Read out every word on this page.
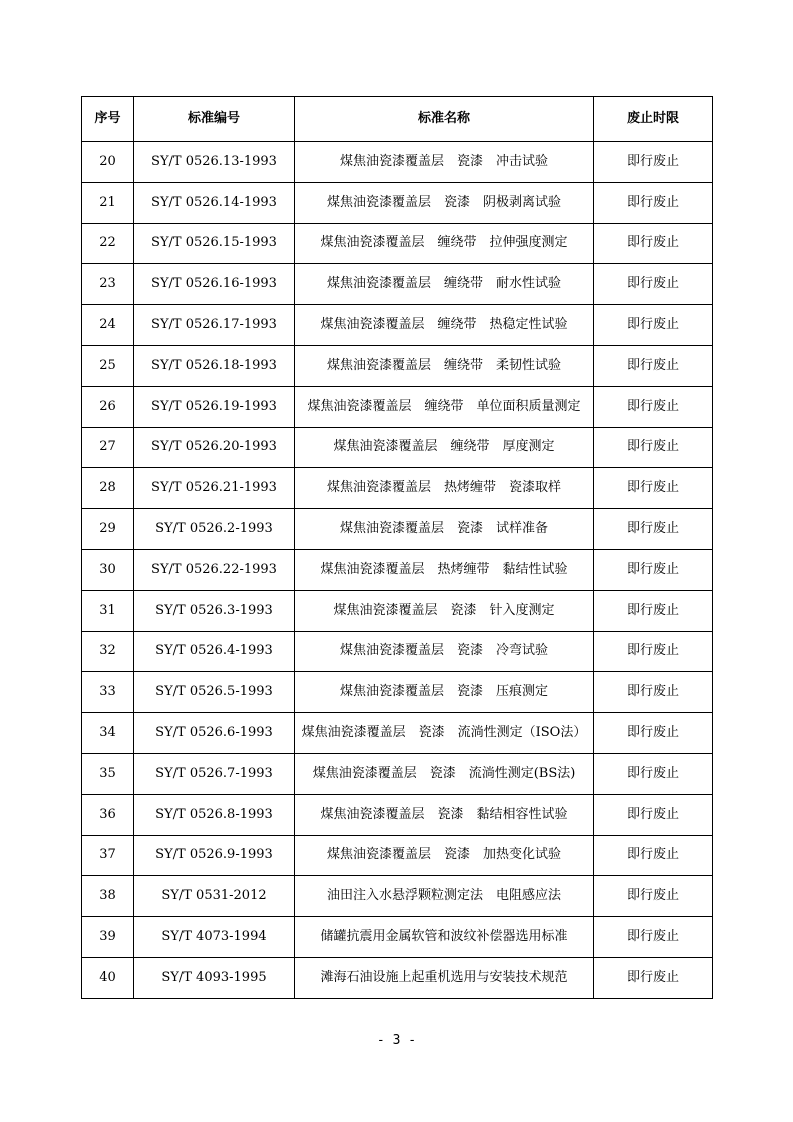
序号	标准编号	标准名称	废止时限
20	SY/T 0526.13-1993	煤焦油瓷漆覆盖层　瓷漆　冲击试验	即行废止
21	SY/T 0526.14-1993	煤焦油瓷漆覆盖层　瓷漆　阴极剥离试验	即行废止
22	SY/T 0526.15-1993	煤焦油瓷漆覆盖层　缠绕带　拉伸强度测定	即行废止
23	SY/T 0526.16-1993	煤焦油瓷漆覆盖层　缠绕带　耐水性试验	即行废止
24	SY/T 0526.17-1993	煤焦油瓷漆覆盖层　缠绕带　热稳定性试验	即行废止
25	SY/T 0526.18-1993	煤焦油瓷漆覆盖层　缠绕带　柔韧性试验	即行废止
26	SY/T 0526.19-1993	煤焦油瓷漆覆盖层　缠绕带　单位面积质量测定	即行废止
27	SY/T 0526.20-1993	煤焦油瓷漆覆盖层　缠绕带　厚度测定	即行废止
28	SY/T 0526.21-1993	煤焦油瓷漆覆盖层　热烤缠带　瓷漆取样	即行废止
29	SY/T 0526.2-1993	煤焦油瓷漆覆盖层　瓷漆　试样准备	即行废止
30	SY/T 0526.22-1993	煤焦油瓷漆覆盖层　热烤缠带　黏结性试验	即行废止
31	SY/T 0526.3-1993	煤焦油瓷漆覆盖层　瓷漆　针入度测定	即行废止
32	SY/T 0526.4-1993	煤焦油瓷漆覆盖层　瓷漆　冷弯试验	即行废止
33	SY/T 0526.5-1993	煤焦油瓷漆覆盖层　瓷漆　压痕测定	即行废止
34	SY/T 0526.6-1993	煤焦油瓷漆覆盖层　瓷漆　流淌性测定（ISO法）	即行废止
35	SY/T 0526.7-1993	煤焦油瓷漆覆盖层　瓷漆　流淌性测定(BS法)	即行废止
36	SY/T 0526.8-1993	煤焦油瓷漆覆盖层　瓷漆　黏结相容性试验	即行废止
37	SY/T 0526.9-1993	煤焦油瓷漆覆盖层　瓷漆　加热变化试验	即行废止
38	SY/T 0531-2012	油田注入水悬浮颗粒测定法　电阻感应法	即行废止
39	SY/T 4073-1994	储罐抗震用金属软管和波纹补偿器选用标准	即行废止
40	SY/T 4093-1995	滩海石油设施上起重机选用与安装技术规范	即行废止
- 3 -
